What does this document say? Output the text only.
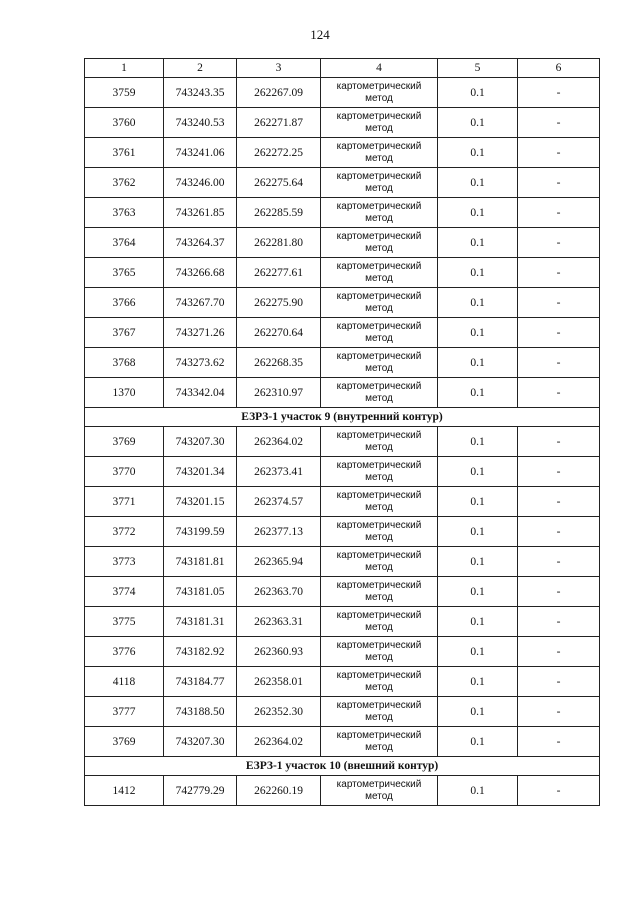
124
1	2	3	4	5	6
3759	743243.35	262267.09	картометрический метод	0.1	-
3760	743240.53	262271.87	картометрический метод	0.1	-
3761	743241.06	262272.25	картометрический метод	0.1	-
3762	743246.00	262275.64	картометрический метод	0.1	-
3763	743261.85	262285.59	картометрический метод	0.1	-
3764	743264.37	262281.80	картометрический метод	0.1	-
3765	743266.68	262277.61	картометрический метод	0.1	-
3766	743267.70	262275.90	картометрический метод	0.1	-
3767	743271.26	262270.64	картометрический метод	0.1	-
3768	743273.62	262268.35	картометрический метод	0.1	-
1370	743342.04	262310.97	картометрический метод	0.1	-
ЕЗРЗ-1 участок 9 (внутренний контур)					
3769	743207.30	262364.02	картометрический метод	0.1	-
3770	743201.34	262373.41	картометрический метод	0.1	-
3771	743201.15	262374.57	картометрический метод	0.1	-
3772	743199.59	262377.13	картометрический метод	0.1	-
3773	743181.81	262365.94	картометрический метод	0.1	-
3774	743181.05	262363.70	картометрический метод	0.1	-
3775	743181.31	262363.31	картометрический метод	0.1	-
3776	743182.92	262360.93	картометрический метод	0.1	-
4118	743184.77	262358.01	картометрический метод	0.1	-
3777	743188.50	262352.30	картометрический метод	0.1	-
3769	743207.30	262364.02	картометрический метод	0.1	-
ЕЗРЗ-1 участок 10 (внешний контур)					
1412	742779.29	262260.19	картометрический метод	0.1	-
